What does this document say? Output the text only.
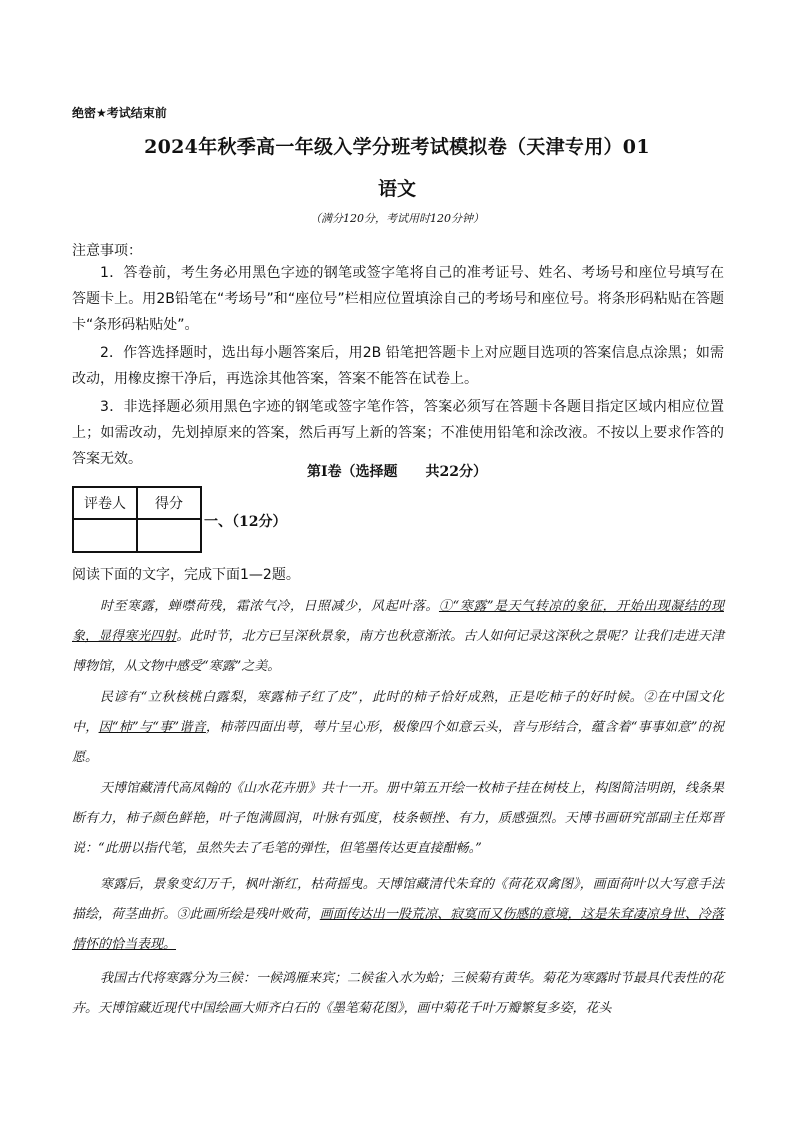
绝密★考试结束前
2024年秋季高一年级入学分班考试模拟卷（天津专用）01
语文
（满分120分，考试用时120分钟）
注意事项：
1．答卷前，考生务必用黑色字迹的钢笔或签字笔将自己的准考证号、姓名、考场号和座位号填写在答题卡上。用2B铅笔在“考场号”和“座位号”栏相应位置填涂自己的考场号和座位号。将条形码粘贴在答题卡“条形码粘贴处”。
2．作答选择题时，选出每小题答案后，用2B 铅笔把答题卡上对应题目选项的答案信息点涂黑；如需改动，用橡皮擦干净后，再选涂其他答案，答案不能答在试卷上。
3．非选择题必须用黑色字迹的钢笔或签字笔作答，答案必须写在答题卡各题目指定区域内相应位置上；如需改动，先划掉原来的答案，然后再写上新的答案；不准使用铅笔和涂改液。不按以上要求作答的答案无效。
第Ⅰ卷（选择题　　共22分）
评卷人	得分

一、（12分）
阅读下面的文字，完成下面1—2题。
时至寒露，蝉噤荷残，霜浓气冷，日照减少，风起叶落。①“寒露”是天气转凉的象征，开始出现凝结的现象，显得寒光四射。此时节，北方已呈深秋景象，南方也秋意渐浓。古人如何记录这深秋之景呢？让我们走进天津博物馆，从文物中感受“寒露”之美。
民谚有“立秋核桃白露梨，寒露柿子红了皮”，此时的柿子恰好成熟，正是吃柿子的好时候。②在中国文化中，因“柿”与“事”谐音，柿蒂四面出萼，萼片呈心形，极像四个如意云头，音与形结合，蕴含着“事事如意”的祝愿。
天博馆藏清代高凤翰的《山水花卉册》共十一开。册中第五开绘一枚柿子挂在树枝上，构图简洁明朗，线条果断有力，柿子颜色鲜艳，叶子饱满圆润，叶脉有弧度，枝条顿挫、有力，质感强烈。天博书画研究部副主任郑晋说：“此册以指代笔，虽然失去了毛笔的弹性，但笔墨传达更直接酣畅。”
寒露后，景象变幻万千，枫叶渐红，枯荷摇曳。天博馆藏清代朱耷的《荷花双禽图》，画面荷叶以大写意手法描绘，荷茎曲折。③此画所绘是残叶败荷，画面传达出一股荒凉、寂寞而又伤感的意境，这是朱耷凄凉身世、冷落情怀的恰当表现。
我国古代将寒露分为三候：一候鸿雁来宾；二候雀入水为蛤；三候菊有黄华。菊花为寒露时节最具代表性的花卉。天博馆藏近现代中国绘画大师齐白石的《墨笔菊花图》，画中菊花千叶万瓣繁复多姿，花头
